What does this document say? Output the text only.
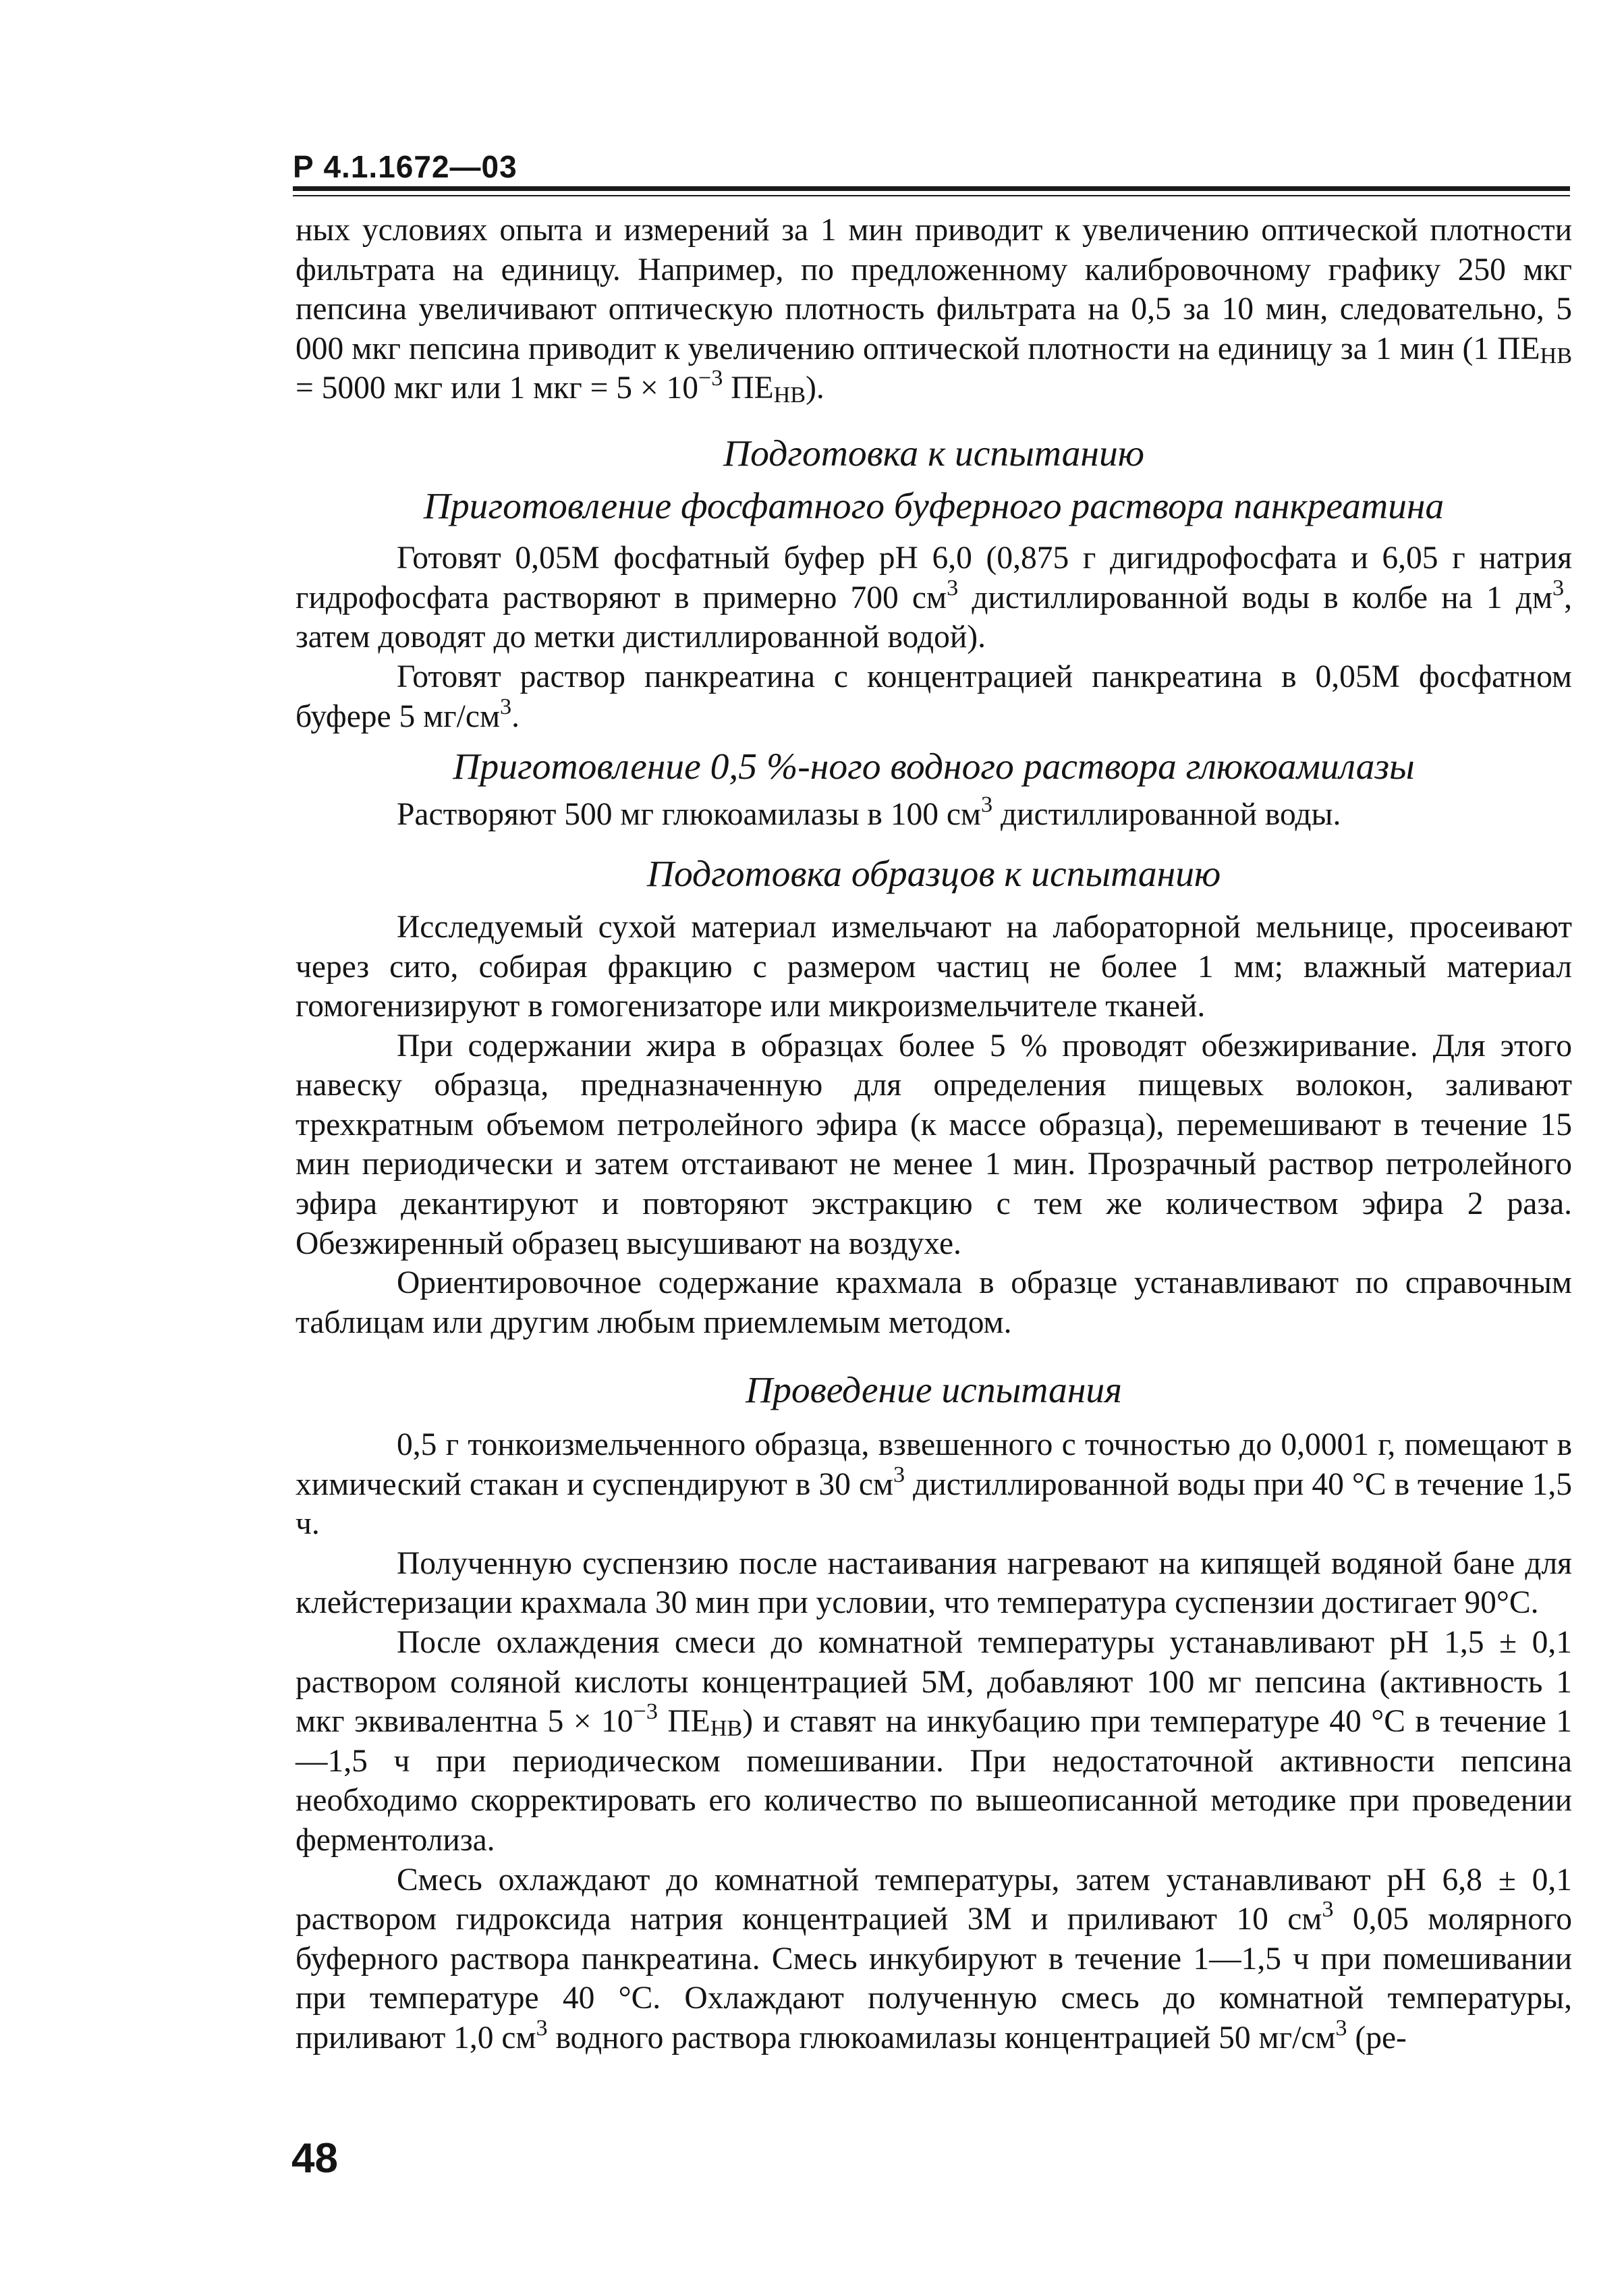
Р 4.1.1672—03

ных условиях опыта и измерений за 1 мин приводит к увеличению оптической плотности фильтрата на единицу. Например, по предложенному калибровочному графику 250 мкг пепсина увеличивают оптическую плотность фильтрата на 0,5 за 10 мин, следовательно, 5 000 мкг пепсина приводит к увеличению оптической плотности на единицу за 1 мин (1 ПЕНВ = 5000 мкг или 1 мкг = $5 \times 10^{-3}$ ПЕНВ).

Подготовка к испытанию
Приготовление фосфатного буферного раствора панкреатина

Готовят 0,05М фосфатный буфер pH 6,0 (0,875 г дигидрофосфата и 6,05 г натрия гидрофосфата растворяют в примерно 700 $см^3$ дистиллированной воды в колбе на 1 $дм^3$, затем доводят до метки дистиллированной водой).

Готовят раствор панкреатина с концентрацией панкреатина в 0,05М фосфатном буфере 5 $мг/см^3$.

Приготовление 0,5 %-ного водного раствора глюкоамилазы

Растворяют 500 мг глюкоамилазы в 100 $см^3$ дистиллированной воды.

Подготовка образцов к испытанию

Исследуемый сухой материал измельчают на лабораторной мельнице, просеивают через сито, собирая фракцию с размером частиц не более 1 мм; влажный материал гомогенизируют в гомогенизаторе или микроизмельчителе тканей.

При содержании жира в образцах более 5 % проводят обезжиривание. Для этого навеску образца, предназначенную для определения пищевых волокон, заливают трехкратным объемом петролейного эфира (к массе образца), перемешивают в течение 15 мин периодически и затем отстаивают не менее 1 мин. Прозрачный раствор петролейного эфира декантируют и повторяют экстракцию с тем же количеством эфира 2 раза. Обезжиренный образец высушивают на воздухе.

Ориентировочное содержание крахмала в образце устанавливают по справочным таблицам или другим любым приемлемым методом.

Проведение испытания

0,5 г тонкоизмельченного образца, взвешенного с точностью до 0,0001 г, помещают в химический стакан и суспендируют в 30 $см^3$ дистиллированной воды при 40 °С в течение 1,5 ч.

Полученную суспензию после настаивания нагревают на кипящей водяной бане для клейстеризации крахмала 30 мин при условии, что температура суспензии достигает 90°С.

После охлаждения смеси до комнатной температуры устанавливают pH 1,5 ± 0,1 раствором соляной кислоты концентрацией 5М, добавляют 100 мг пепсина (активность 1 мкг эквивалентна $5 \times 10^{-3}$ ПЕНВ) и ставят на инкубацию при температуре 40 °С в течение 1—1,5 ч при периодическом помешивании. При недостаточной активности пепсина необходимо скорректировать его количество по вышеописанной методике при проведении ферментолиза.

Смесь охлаждают до комнатной температуры, затем устанавливают pH 6,8 ± 0,1 раствором гидроксида натрия концентрацией 3М и приливают 10 $см^3$ 0,05 молярного буферного раствора панкреатина. Смесь инкубируют в течение 1—1,5 ч при помешивании при температуре 40 °С. Охлаждают полученную смесь до комнатной температуры, приливают 1,0 $см^3$ водного раствора глюкоамилазы концентрацией 50 $мг/см^3$ (ре-

48
